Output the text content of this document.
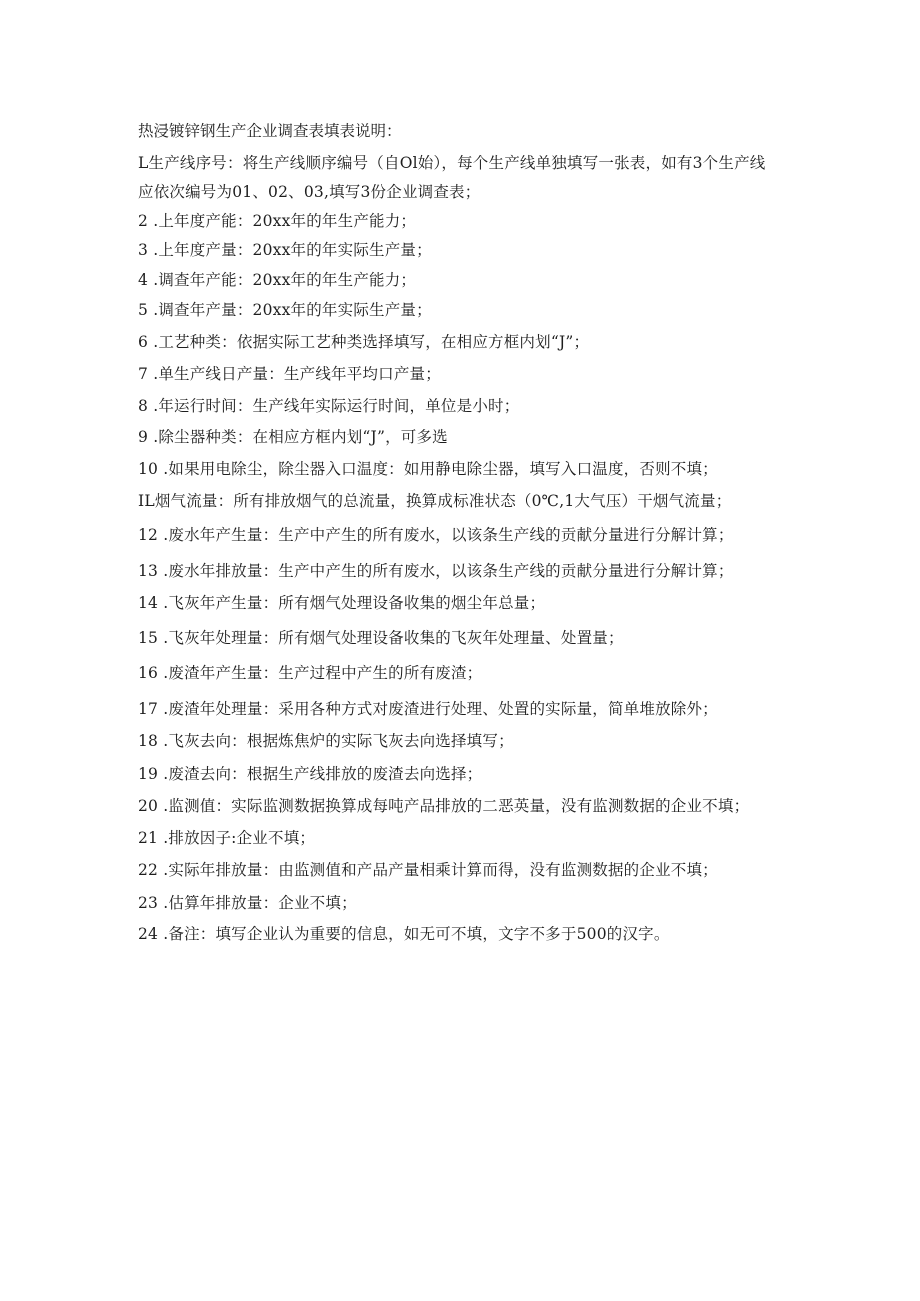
热浸镀锌钢生产企业调查表填表说明：
L生产线序号：将生产线顺序编号（自Ol始），每个生产线单独填写一张表，如有3个生产线
应依次编号为01、02、03,填写3份企业调查表；
2 .上年度产能：20xx年的年生产能力；
3 .上年度产量：20xx年的年实际生产量；
4 .调查年产能：20xx年的年生产能力；
5 .调查年产量：20xx年的年实际生产量；
6 .工艺种类：依据实际工艺种类选择填写，在相应方框内划“J”；
7 .单生产线日产量：生产线年平均口产量；
8 .年运行时间：生产线年实际运行时间，单位是小时；
9 .除尘器种类：在相应方框内划“J”，可多选
10 .如果用电除尘，除尘器入口温度：如用静电除尘器，填写入口温度，否则不填；
IL烟气流量：所有排放烟气的总流量，换算成标准状态（0℃,1大气压）干烟气流量；
12 .废水年产生量：生产中产生的所有废水，以该条生产线的贡献分量进行分解计算；
13 .废水年排放量：生产中产生的所有废水，以该条生产线的贡献分量进行分解计算；
14 .飞灰年产生量：所有烟气处理设备收集的烟尘年总量；
15 .飞灰年处理量：所有烟气处理设备收集的飞灰年处理量、处置量；
16 .废渣年产生量：生产过程中产生的所有废渣；
17 .废渣年处理量：采用各种方式对废渣进行处理、处置的实际量，简单堆放除外；
18 .飞灰去向：根据炼焦炉的实际飞灰去向选择填写；
19 .废渣去向：根据生产线排放的废渣去向选择；
20 .监测值：实际监测数据换算成每吨产品排放的二恶英量，没有监测数据的企业不填；
21 .排放因子:企业不填；
22 .实际年排放量：由监测值和产品产量相乘计算而得，没有监测数据的企业不填；
23 .估算年排放量：企业不填；
24 .备注：填写企业认为重要的信息，如无可不填，文字不多于500的汉字。
